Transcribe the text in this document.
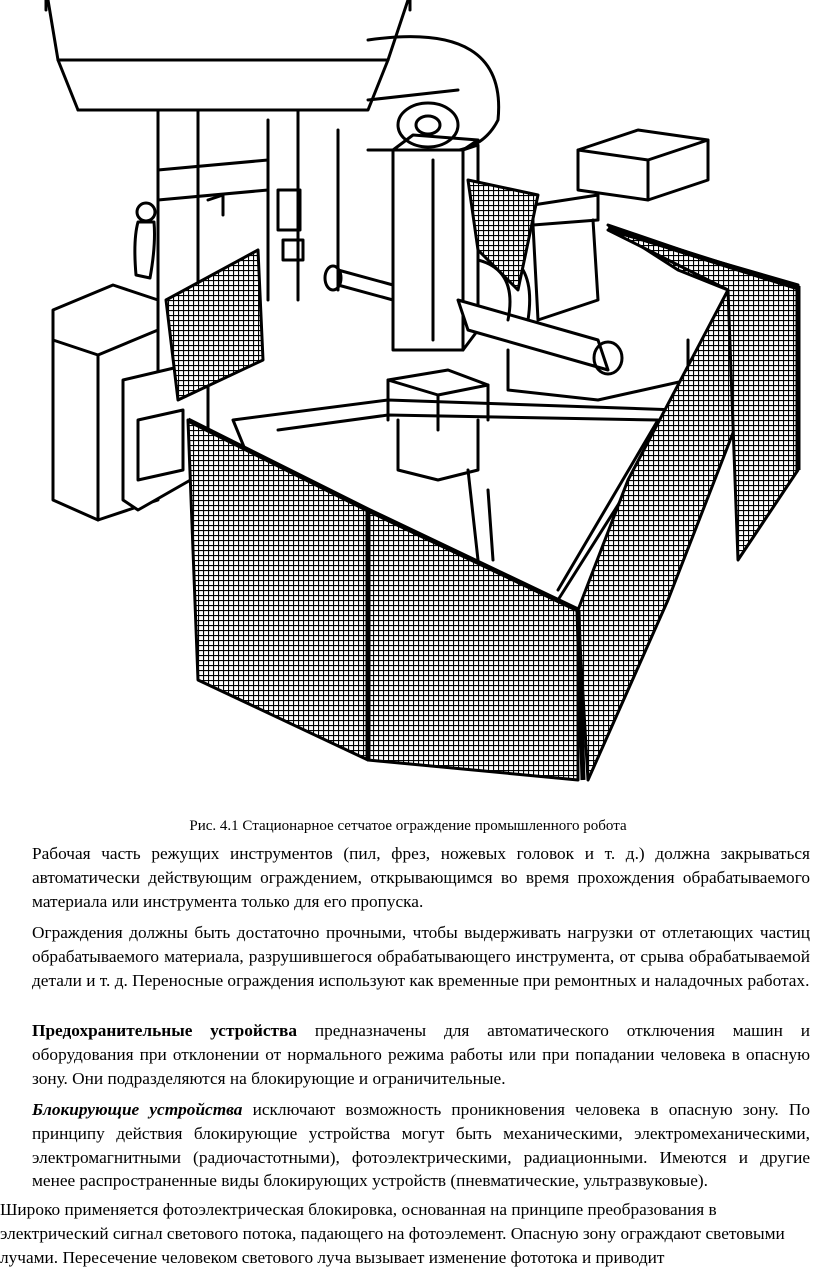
Рис. 4.1 Стационарное сетчатое ограждение промышленного робота

Рабочая часть режущих инструментов (пил, фрез, ножевых головок и т. д.) должна закрываться автоматически действующим ограждением, открывающимся во время прохождения обрабатываемого материала или инструмента только для его пропуска.

Ограждения должны быть достаточно прочными, чтобы выдерживать нагрузки от отлетающих частиц обрабатываемого материала, разрушившегося обрабатывающего инструмента, от срыва обрабатываемой детали и т. д. Переносные ограждения используют как временные при ремонтных и наладочных работах.

Предохранительные устройства предназначены для автоматического отключения машин и оборудования при отклонении от нормального режима работы или при попадании человека в опасную зону. Они подразделяются на блокирующие и ограничительные.

Блокирующие устройства исключают возможность проникновения человека в опасную зону. По принципу действия блокирующие устройства могут быть механическими, электромеханическими, электромагнитными (радиочастотными), фотоэлектрическими, радиационными. Имеются и другие менее распространенные виды блокирующих устройств (пневматические, ультразвуковые).

Широко применяется фотоэлектрическая блокировка, основанная на принципе преобразования в электрический сигнал светового потока, падающего на фотоэлемент. Опасную зону ограждают световыми лучами. Пересечение человеком светового луча вызывает изменение фототока и приводит
